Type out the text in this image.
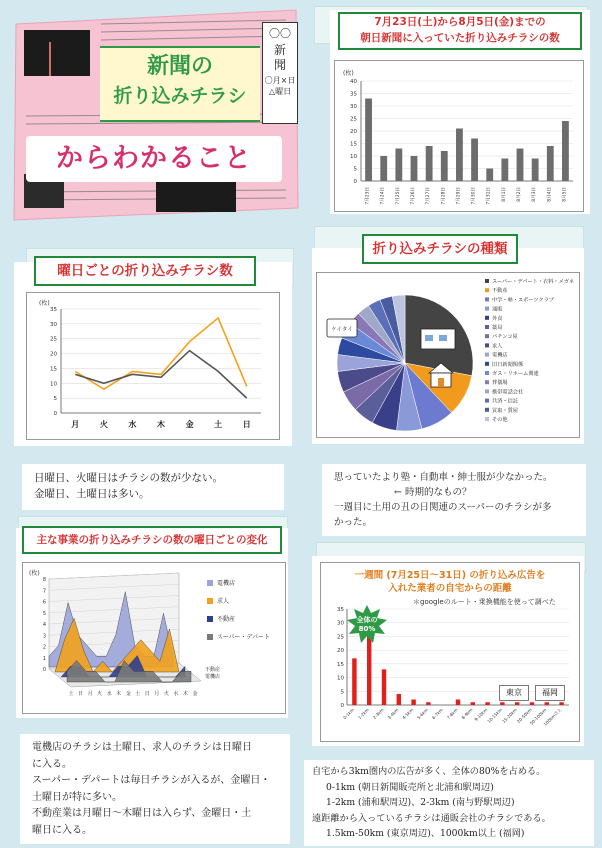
新聞の
折り込みチラシ
からわかること
〇〇
新聞
〇月×日
△曜日
7月23日(土)から8月5日(金)までの
朝日新聞に入っていた折り込みチラシの数
(枚)
0
5
10
15
20
25
30
35
40
7月23日	7月24日	7月25日	7月26日	7月27日	7月28日	7月29日	7月30日	7月31日	8月1日	8月2日	8月3日	8月4日	8月5日
曜日ごとの折り込みチラシ数
(枚)
0
5
10
15
20
25
30
35
月	火	水	木	金	土	日
折り込みチラシの種類
スーパー・デパート・衣料・メガネ
不動産
中学・塾・スポーツクラブ
通販
外食
薬局
パチンコ屋
求人
電機店
旧日新聞関係
ガス・リホーム関連
葬儀場
携帯電話会社
共済・信託
買取・質屋
その他
ケイタイ
日曜日、火曜日はチラシの数が少ない。
金曜日、土曜日は多い。
思っていたより塾・自動車・紳士服が少なかった。
← 時期的なもの？
一週目に土用の丑の日関連のスーパーのチラシが多
かった。
主な事業の折り込みチラシの数の曜日ごとの変化
(枚)
0
1
2
3
4
5
6
7
8
土 日 月 火 水 木 金 土 日 月 火 水 木 金
不動産
電機店
電機店
求人
不動産
スーパー・デパート
一週間 (7月25日～31日) の折り込み広告を
入れた業者の自宅からの距離
＊googleのルート・乗換機能を使って調べた
0
5
10
15
20
25
30
35
0-1km 1-2km 2-3km 3-4km 4-5km 5-6km 6-7km 7-8km 8-9km 9-10km
10-15km
15-20km
20-50km
50-100km
100km以上
全体の
80%
東京	福岡
電機店のチラシは土曜日、求人のチラシは日曜日
に入る。
スーパー・デパートは毎日チラシが入るが、金曜日・
土曜日が特に多い。
不動産業は月曜日～木曜日は入らず、金曜日・土
曜日に入る。
自宅から3km圏内の広告が多く、全体の80%を占める。
0-1km (朝日新聞販売所と北浦和駅周辺)
1-2km (浦和駅周辺)、2-3km (南与野駅周辺)
遠距離から入っているチラシは通販会社のチラシである。
1.5km-50km (東京周辺)、1000km以上 (福岡)
